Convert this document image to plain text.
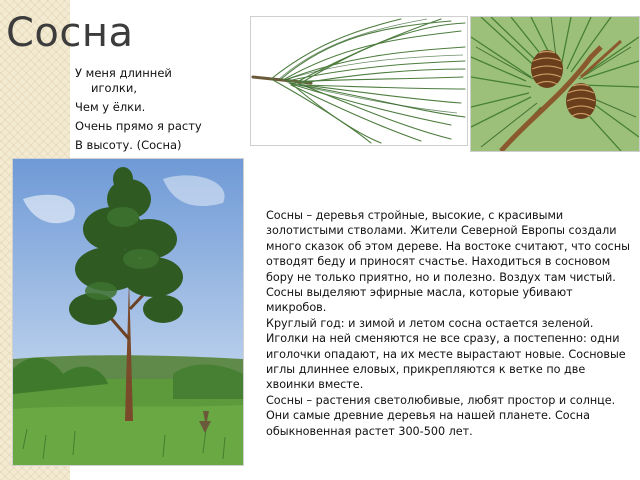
Сосна
У меня длинней
иголки,
Чем у ёлки.
Очень прямо я расту
В высоту. (Сосна)

Сосны – деревья стройные, высокие, с красивыми золотистыми стволами. Жители Северной Европы создали много сказок об этом дереве. На востоке считают, что сосны отводят беду и приносят счастье. Находиться в сосновом бору не только приятно, но и полезно. Воздух там чистый. Сосны выделяют эфирные масла, которые убивают микробов.

Круглый год: и зимой и летом сосна остается зеленой. Иголки на ней сменяются не все сразу, а постепенно: одни иголочки опадают, на их месте вырастают новые. Сосновые иглы длиннее еловых, прикрепляются к ветке по две хвоинки вместе.

Сосны – растения светолюбивые, любят простор и солнце. Они самые древние деревья на нашей планете. Сосна обыкновенная растет 300-500 лет.
